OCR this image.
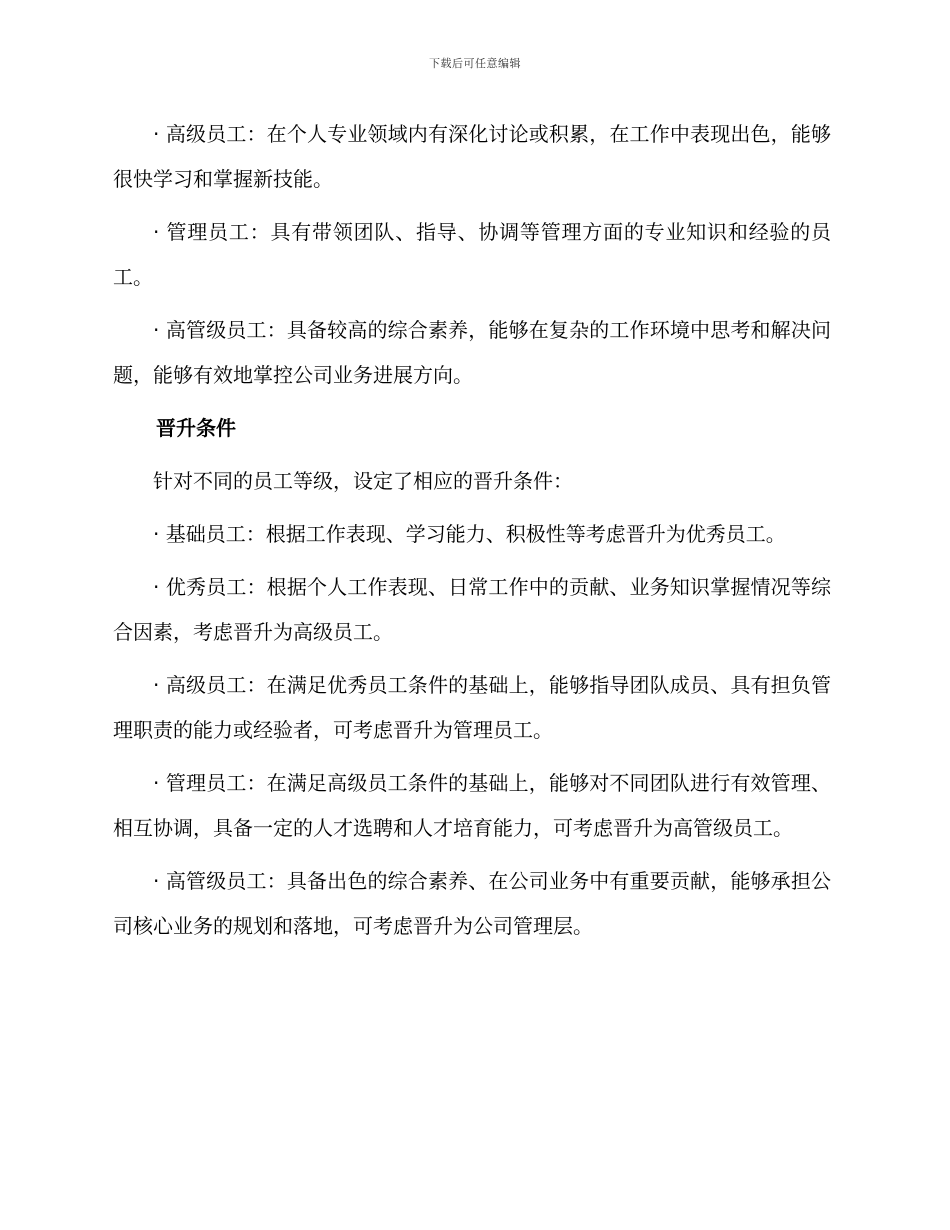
下载后可任意编辑

· 高级员工：在个人专业领域内有深化讨论或积累，在工作中表现出色，能够很快学习和掌握新技能。

· 管理员工：具有带领团队、指导、协调等管理方面的专业知识和经验的员工。

· 高管级员工：具备较高的综合素养，能够在复杂的工作环境中思考和解决问题，能够有效地掌控公司业务进展方向。

晋升条件

针对不同的员工等级，设定了相应的晋升条件：

· 基础员工：根据工作表现、学习能力、积极性等考虑晋升为优秀员工。

· 优秀员工：根据个人工作表现、日常工作中的贡献、业务知识掌握情况等综合因素，考虑晋升为高级员工。

· 高级员工：在满足优秀员工条件的基础上，能够指导团队成员、具有担负管理职责的能力或经验者，可考虑晋升为管理员工。

· 管理员工：在满足高级员工条件的基础上，能够对不同团队进行有效管理、相互协调，具备一定的人才选聘和人才培育能力，可考虑晋升为高管级员工。

· 高管级员工：具备出色的综合素养、在公司业务中有重要贡献，能够承担公司核心业务的规划和落地，可考虑晋升为公司管理层。
